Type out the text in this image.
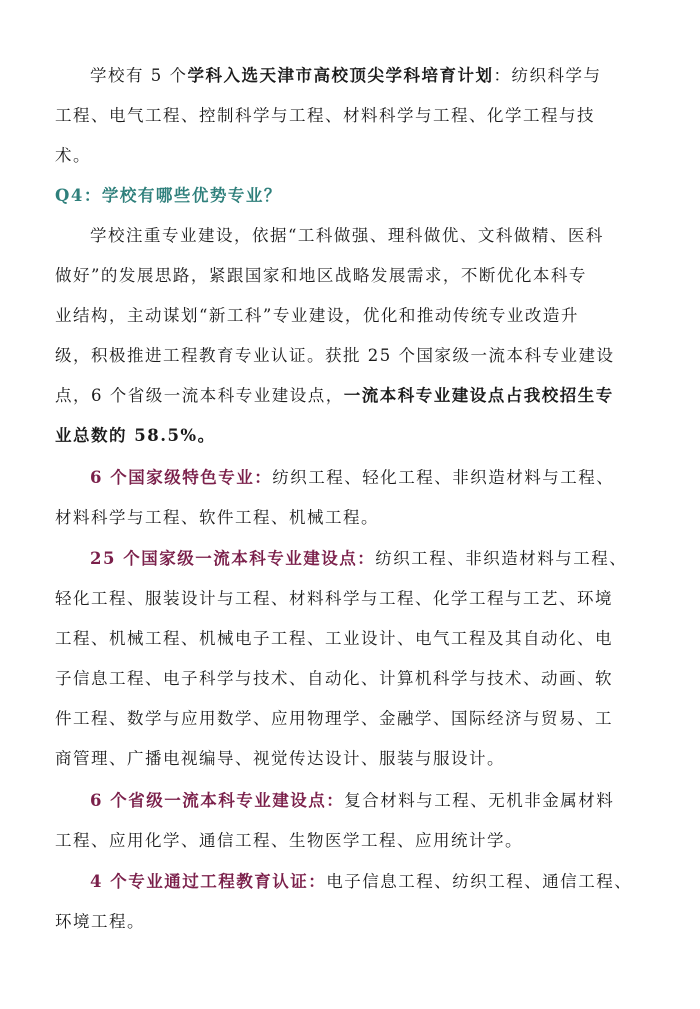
学校有 5 个学科入选天津市高校顶尖学科培育计划：纺织科学与
工程、电气工程、控制科学与工程、材料科学与工程、化学工程与技
术。
Q4：学校有哪些优势专业？
学校注重专业建设，依据“工科做强、理科做优、文科做精、医科
做好”的发展思路，紧跟国家和地区战略发展需求，不断优化本科专
业结构，主动谋划“新工科”专业建设，优化和推动传统专业改造升
级，积极推进工程教育专业认证。获批 25 个国家级一流本科专业建设
点，6 个省级一流本科专业建设点，一流本科专业建设点占我校招生专
业总数的 58.5%。
6 个国家级特色专业：纺织工程、轻化工程、非织造材料与工程、
材料科学与工程、软件工程、机械工程。
25 个国家级一流本科专业建设点：纺织工程、非织造材料与工程、
轻化工程、服装设计与工程、材料科学与工程、化学工程与工艺、环境
工程、机械工程、机械电子工程、工业设计、电气工程及其自动化、电
子信息工程、电子科学与技术、自动化、计算机科学与技术、动画、软
件工程、数学与应用数学、应用物理学、金融学、国际经济与贸易、工
商管理、广播电视编导、视觉传达设计、服装与服设计。
6 个省级一流本科专业建设点：复合材料与工程、无机非金属材料
工程、应用化学、通信工程、生物医学工程、应用统计学。
4 个专业通过工程教育认证：电子信息工程、纺织工程、通信工程、
环境工程。
